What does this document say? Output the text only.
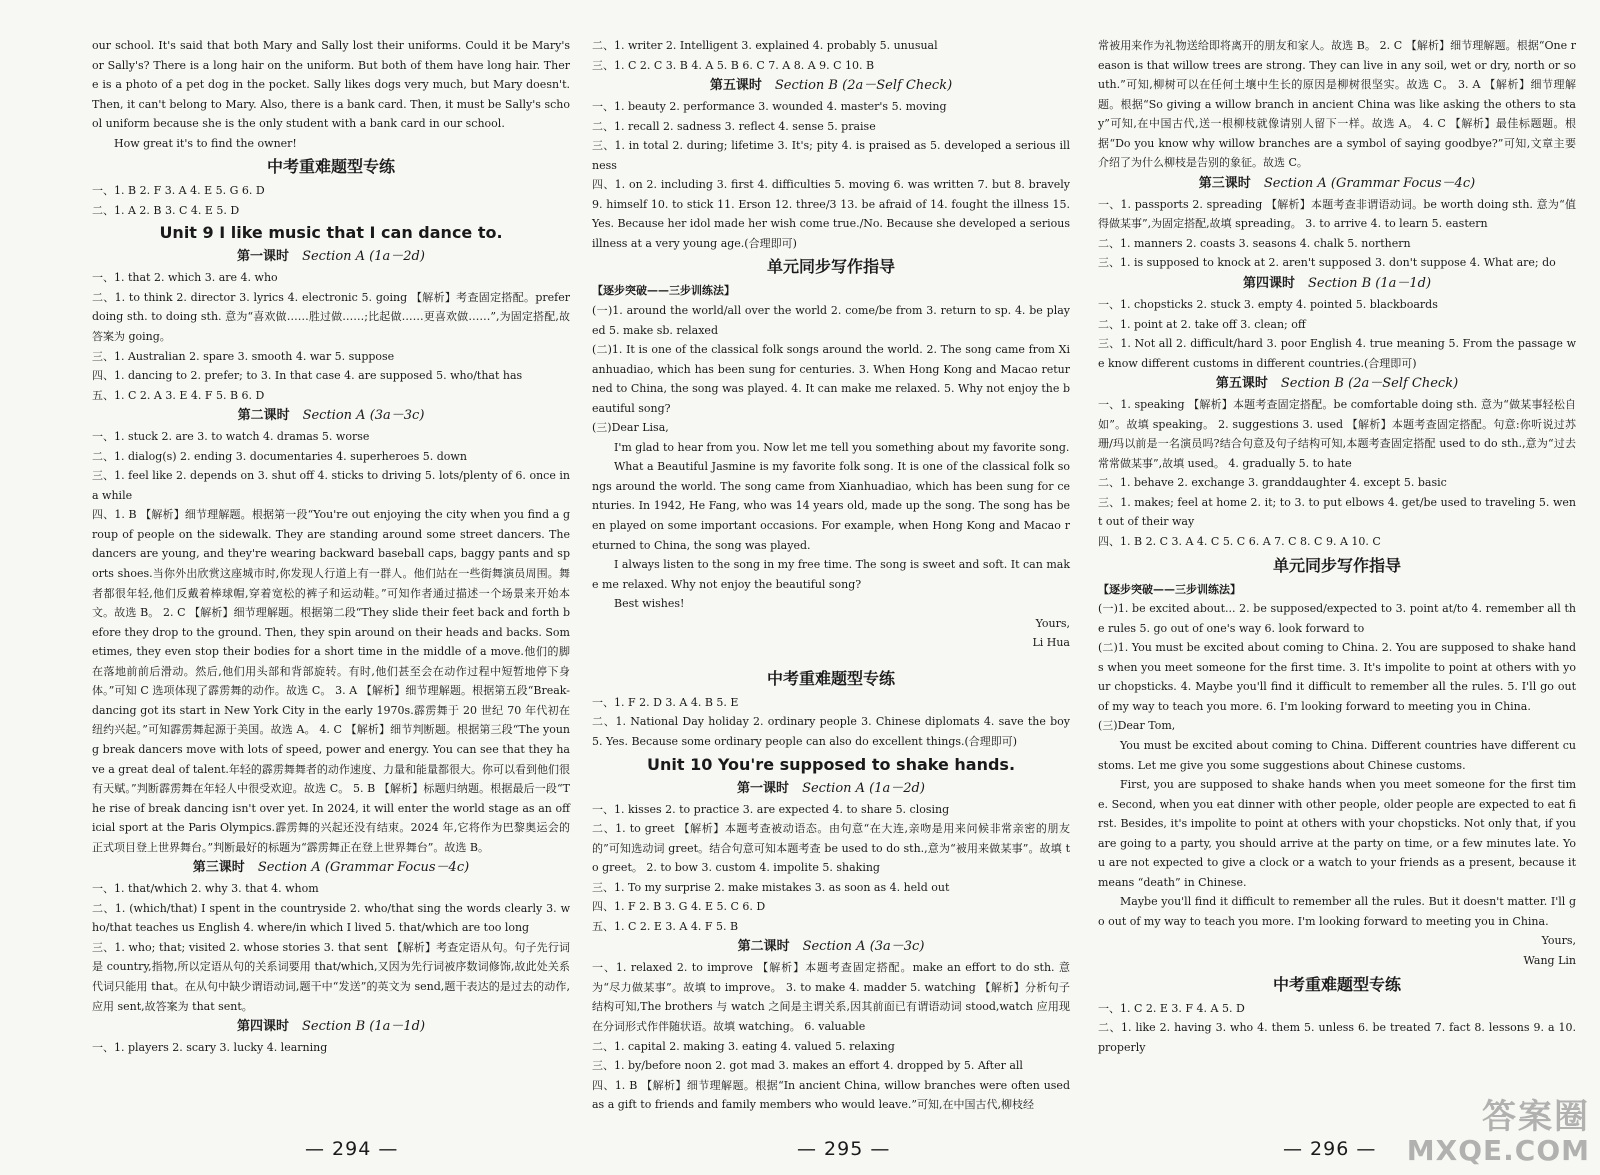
our school. It's said that both Mary and Sally lost their uniforms. Could it be Mary's or Sally's? There is a long hair on the uniform. But both of them have long hair. There is a photo of a pet dog in the pocket. Sally likes dogs very much, but Mary doesn't. Then, it can't belong to Mary. Also, there is a bank card. Then, it must be Sally's school uniform because she is the only student with a bank card in our school.

How great it's to find the owner!

中考重难题型专练

一、1. B 2. F 3. A 4. E 5. G 6. D

二、1. A 2. B 3. C 4. E 5. D

Unit 9 I like music that I can dance to.
第一课时  Section A (1a－2d)

一、1. that 2. which 3. are 4. who

二、1. to think 2. director 3. lyrics 4. electronic 5. going 【解析】考查固定搭配。prefer doing sth. to doing sth. 意为“喜欢做……胜过做……;比起做……更喜欢做……”,为固定搭配,故答案为 going。

三、1. Australian 2. spare 3. smooth 4. war 5. suppose

四、1. dancing to 2. prefer; to 3. In that case 4. are supposed 5. who/that has

五、1. C 2. A 3. E 4. F 5. B 6. D

第二课时  Section A (3a－3c)

一、1. stuck 2. are 3. to watch 4. dramas 5. worse

二、1. dialog(s) 2. ending 3. documentaries 4. superheroes 5. down

三、1. feel like 2. depends on 3. shut off 4. sticks to driving 5. lots/plenty of 6. once in a while

四、1. B 【解析】细节理解题。根据第一段“You're out enjoying the city when you find a group of people on the sidewalk. They are standing around some street dancers. The dancers are young, and they're wearing backward baseball caps, baggy pants and sports shoes.当你外出欣赏这座城市时,你发现人行道上有一群人。他们站在一些街舞演员周围。舞者都很年轻,他们反戴着棒球帽,穿着宽松的裤子和运动鞋。”可知作者通过描述一个场景来开始本文。故选 B。 2. C 【解析】细节理解题。根据第二段“They slide their feet back and forth before they drop to the ground. Then, they spin around on their heads and backs. Sometimes, they even stop their bodies for a short time in the middle of a move.他们的脚在落地前前后滑动。然后,他们用头部和背部旋转。有时,他们甚至会在动作过程中短暂地停下身体。”可知 C 选项体现了霹雳舞的动作。故选 C。 3. A 【解析】细节理解题。根据第五段“Break-dancing got its start in New York City in the early 1970s.霹雳舞于 20 世纪 70 年代初在纽约兴起。”可知霹雳舞起源于美国。故选 A。 4. C 【解析】细节判断题。根据第三段“The young break dancers move with lots of speed, power and energy. You can see that they have a great deal of talent.年轻的霹雳舞舞者的动作速度、力量和能量都很大。你可以看到他们很有天赋。”判断霹雳舞在年轻人中很受欢迎。故选 C。 5. B 【解析】标题归纳题。根据最后一段“The rise of break dancing isn't over yet. In 2024, it will enter the world stage as an official sport at the Paris Olympics.霹雳舞的兴起还没有结束。2024 年,它将作为巴黎奥运会的正式项目登上世界舞台。”判断最好的标题为“霹雳舞正在登上世界舞台”。故选 B。

第三课时  Section A (Grammar Focus－4c)

一、1. that/which 2. why 3. that 4. whom

二、1. (which/that) I spent in the countryside 2. who/that sing the words clearly 3. who/that teaches us English 4. where/in which I lived 5. that/which are too long

三、1. who; that; visited 2. whose stories 3. that sent 【解析】考查定语从句。句子先行词是 country,指物,所以定语从句的关系词要用 that/which,又因为先行词被序数词修饰,故此处关系代词只能用 that。在从句中缺少谓语动词,题干中“发送”的英文为 send,题干表达的是过去的动作,应用 sent,故答案为 that sent。

第四课时  Section B (1a－1d)

一、1. players 2. scary 3. lucky 4. learning

二、1. writer 2. Intelligent 3. explained 4. probably 5. unusual

三、1. C 2. C 3. B 4. A 5. B 6. C 7. A 8. A 9. C 10. B

第五课时  Section B (2a－Self Check)

一、1. beauty 2. performance 3. wounded 4. master's 5. moving

二、1. recall 2. sadness 3. reflect 4. sense 5. praise

三、1. in total 2. during; lifetime 3. It's; pity 4. is praised as 5. developed a serious illness

四、1. on 2. including 3. first 4. difficulties 5. moving 6. was written 7. but 8. bravely 9. himself 10. to stick 11. Erson 12. three/3 13. be afraid of 14. fought the illness 15. Yes. Because her idol made her wish come true./No. Because she developed a serious illness at a very young age.(合理即可)

单元同步写作指导

【逐步突破——三步训练法】

(一)1. around the world/all over the world 2. come/be from 3. return to sp. 4. be played 5. make sb. relaxed

(二)1. It is one of the classical folk songs around the world. 2. The song came from Xianhuadiao, which has been sung for centuries. 3. When Hong Kong and Macao returned to China, the song was played. 4. It can make me relaxed. 5. Why not enjoy the beautiful song?

(三)Dear Lisa,

I'm glad to hear from you. Now let me tell you something about my favorite song.

What a Beautiful Jasmine is my favorite folk song. It is one of the classical folk songs around the world. The song came from Xianhuadiao, which has been sung for centuries. In 1942, He Fang, who was 14 years old, made up the song. The song has been played on some important occasions. For example, when Hong Kong and Macao returned to China, the song was played.

I always listen to the song in my free time. The song is sweet and soft. It can make me relaxed. Why not enjoy the beautiful song?

Best wishes!

Yours,

Li Hua

中考重难题型专练

一、1. F 2. D 3. A 4. B 5. E

二、1. National Day holiday 2. ordinary people 3. Chinese diplomats 4. save the boy 5. Yes. Because some ordinary people can also do excellent things.(合理即可)

Unit 10 You're supposed to shake hands.
第一课时  Section A (1a－2d)

一、1. kisses 2. to practice 3. are expected 4. to share 5. closing

二、1. to greet 【解析】本题考查被动语态。由句意“在大连,亲吻是用来问候非常亲密的朋友的”可知选动词 greet。结合句意可知本题考查 be used to do sth.,意为“被用来做某事”。故填 to greet。 2. to bow 3. custom 4. impolite 5. shaking

三、1. To my surprise 2. make mistakes 3. as soon as 4. held out

四、1. F 2. B 3. G 4. E 5. C 6. D

五、1. C 2. E 3. A 4. F 5. B

第二课时  Section A (3a－3c)

一、1. relaxed 2. to improve 【解析】本题考查固定搭配。make an effort to do sth. 意为“尽力做某事”。故填 to improve。 3. to make 4. madder 5. watching 【解析】分析句子结构可知,The brothers 与 watch 之间是主谓关系,因其前面已有谓语动词 stood,watch 应用现在分词形式作伴随状语。故填 watching。 6. valuable

二、1. capital 2. making 3. eating 4. valued 5. relaxing

三、1. by/before noon 2. got mad 3. makes an effort 4. dropped by 5. After all

四、1. B 【解析】细节理解题。根据“In ancient China, willow branches were often used as a gift to friends and family members who would leave.”可知,在中国古代,柳枝经

常被用来作为礼物送给即将离开的朋友和家人。故选 B。 2. C 【解析】细节理解题。根据“One reason is that willow trees are strong. They can live in any soil, wet or dry, north or south.”可知,柳树可以在任何土壤中生长的原因是柳树很坚实。故选 C。 3. A 【解析】细节理解题。根据“So giving a willow branch in ancient China was like asking the others to stay”可知,在中国古代,送一根柳枝就像请别人留下一样。故选 A。 4. C 【解析】最佳标题题。根据“Do you know why willow branches are a symbol of saying goodbye?”可知,文章主要介绍了为什么柳枝是告别的象征。故选 C。

第三课时  Section A (Grammar Focus－4c)

一、1. passports 2. spreading 【解析】本题考查非谓语动词。be worth doing sth. 意为“值得做某事”,为固定搭配,故填 spreading。 3. to arrive 4. to learn 5. eastern

二、1. manners 2. coasts 3. seasons 4. chalk 5. northern

三、1. is supposed to knock at 2. aren't supposed 3. don't suppose 4. What are; do

第四课时  Section B (1a－1d)

一、1. chopsticks 2. stuck 3. empty 4. pointed 5. blackboards

二、1. point at 2. take off 3. clean; off

三、1. Not all 2. difficult/hard 3. poor English 4. true meaning 5. From the passage we know different customs in different countries.(合理即可)

第五课时  Section B (2a－Self Check)

一、1. speaking 【解析】本题考查固定搭配。be comfortable doing sth. 意为“做某事轻松自如”。故填 speaking。 2. suggestions 3. used 【解析】本题考查固定搭配。句意:你听说过苏珊/玛以前是一名演员吗?结合句意及句子结构可知,本题考查固定搭配 used to do sth.,意为“过去常常做某事”,故填 used。 4. gradually 5. to hate

二、1. behave 2. exchange 3. granddaughter 4. except 5. basic

三、1. makes; feel at home 2. it; to 3. to put elbows 4. get/be used to traveling 5. went out of their way

四、1. B 2. C 3. A 4. C 5. C 6. A 7. C 8. C 9. A 10. C

单元同步写作指导

【逐步突破——三步训练法】

(一)1. be excited about... 2. be supposed/expected to 3. point at/to 4. remember all the rules 5. go out of one's way 6. look forward to

(二)1. You must be excited about coming to China. 2. You are supposed to shake hands when you meet someone for the first time. 3. It's impolite to point at others with your chopsticks. 4. Maybe you'll find it difficult to remember all the rules. 5. I'll go out of my way to teach you more. 6. I'm looking forward to meeting you in China.

(三)Dear Tom,

You must be excited about coming to China. Different countries have different customs. Let me give you some suggestions about Chinese customs.

First, you are supposed to shake hands when you meet someone for the first time. Second, when you eat dinner with other people, older people are expected to eat first. Besides, it's impolite to point at others with your chopsticks. Not only that, if you are going to a party, you should arrive at the party on time, or a few minutes late. You are not expected to give a clock or a watch to your friends as a present, because it means “death” in Chinese.

Maybe you'll find it difficult to remember all the rules. But it doesn't matter. I'll go out of my way to teach you more. I'm looking forward to meeting you in China.

Yours,

Wang Lin

中考重难题型专练

一、1. C 2. E 3. F 4. A 5. D

二、1. like 2. having 3. who 4. them 5. unless 6. be treated 7. fact 8. lessons 9. a 10. properly

— 294 —	— 295 —	— 296 —
答案圈
MXQE.COM
